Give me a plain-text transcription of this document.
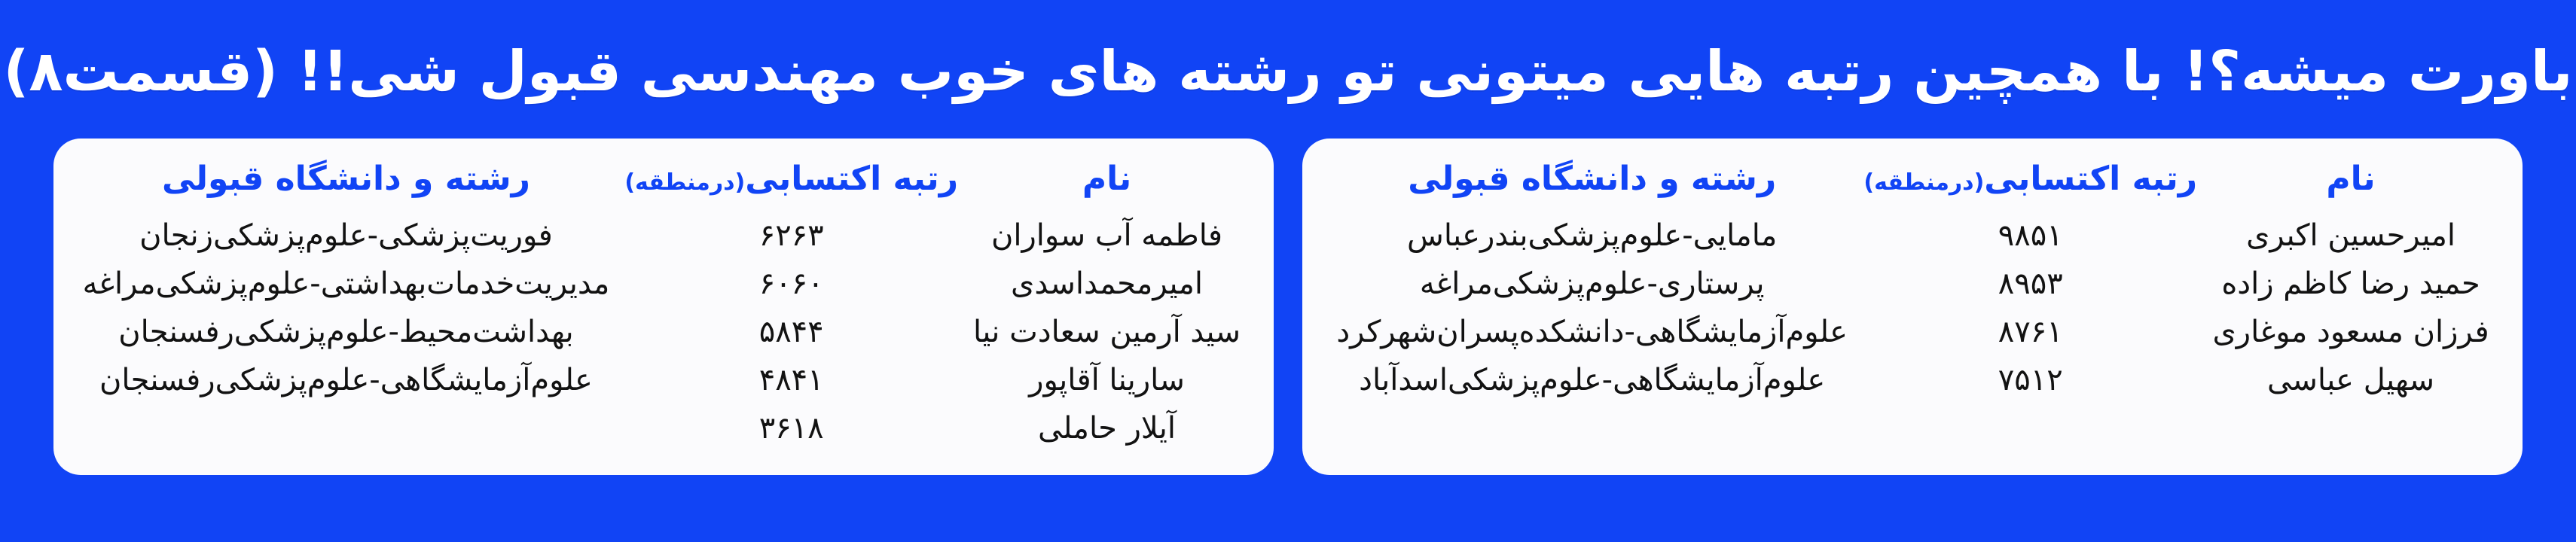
باورت میشه؟! با همچین رتبه هایی میتونی تو رشته های خوب مهندسی قبول شی!! (قسمت۸)
نام	رتبه اکتسابی(درمنطقه)	رشته و دانشگاه قبولی
امیرحسین اکبری	۹۸۵۱	مامایی-علوم‌پزشکی‌بندرعباس
حمید رضا کاظم زاده	۸۹۵۳	پرستاری-علوم‌پزشکی‌مراغه
فرزان مسعود موغاری	۸۷۶۱	علوم‌آزمایشگاهی-دانشکده‌پسران‌شهرکرد
سهیل عباسی	۷۵۱۲	علوم‌آزمایشگاهی-علوم‌پزشکی‌اسدآباد
نام	رتبه اکتسابی(درمنطقه)	رشته و دانشگاه قبولی
فاطمه آب سواران	۶۲۶۳	فوریت‌پزشکی-علوم‌پزشکی‌زنجان
امیرمحمداسدی	۶۰۶۰	مدیریت‌خدمات‌بهداشتی-علوم‌پزشکی‌مراغه
سید آرمین سعادت نیا	۵۸۴۴	بهداشت‌محیط-علوم‌پزشکی‌رفسنجان
سارینا آقاپور	۴۸۴۱	علوم‌آزمایشگاهی-علوم‌پزشکی‌رفسنجان
آیلار حاملی	۳۶۱۸	
